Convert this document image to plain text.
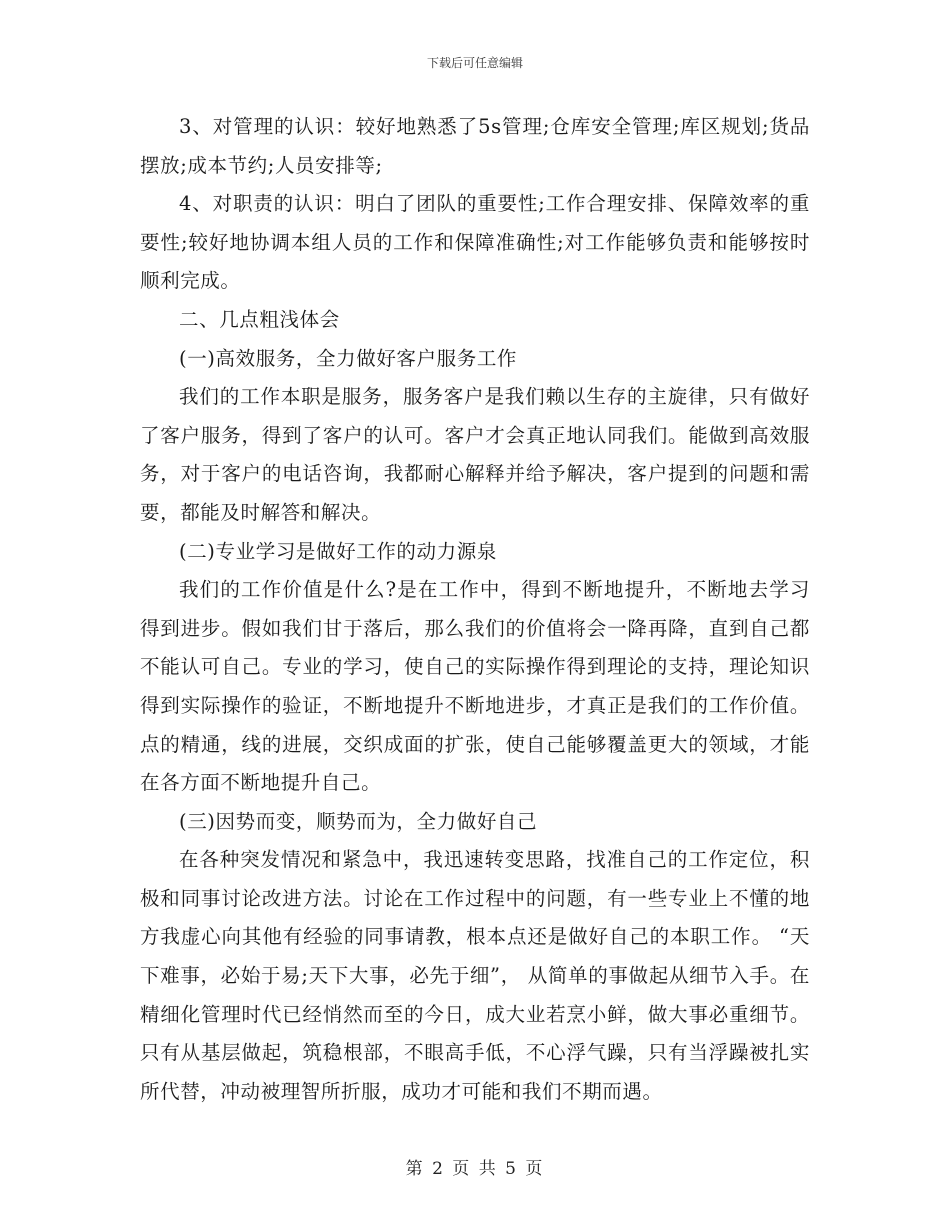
下载后可任意编辑

3、对管理的认识：较好地熟悉了5s管理;仓库安全管理;库区规划;货品摆放;成本节约;人员安排等;

4、对职责的认识：明白了团队的重要性;工作合理安排、保障效率的重要性;较好地协调本组人员的工作和保障准确性;对工作能够负责和能够按时顺利完成。

二、几点粗浅体会

(一)高效服务，全力做好客户服务工作

我们的工作本职是服务，服务客户是我们赖以生存的主旋律，只有做好了客户服务，得到了客户的认可。客户才会真正地认同我们。能做到高效服务，对于客户的电话咨询，我都耐心解释并给予解决，客户提到的问题和需要，都能及时解答和解决。

(二)专业学习是做好工作的动力源泉

我们的工作价值是什么?是在工作中，得到不断地提升，不断地去学习得到进步。假如我们甘于落后，那么我们的价值将会一降再降，直到自己都不能认可自己。专业的学习，使自己的实际操作得到理论的支持，理论知识得到实际操作的验证，不断地提升不断地进步，才真正是我们的工作价值。点的精通，线的进展，交织成面的扩张，使自己能够覆盖更大的领域，才能在各方面不断地提升自己。

(三)因势而变，顺势而为，全力做好自己

在各种突发情况和紧急中，我迅速转变思路，找准自己的工作定位，积极和同事讨论改进方法。讨论在工作过程中的问题，有一些专业上不懂的地方我虚心向其他有经验的同事请教，根本点还是做好自己的本职工作。 “天下难事，必始于易;天下大事，必先于细”， 从简单的事做起从细节入手。在精细化管理时代已经悄然而至的今日，成大业若烹小鲜，做大事必重细节。只有从基层做起，筑稳根部，不眼高手低，不心浮气躁，只有当浮躁被扎实所代替，冲动被理智所折服，成功才可能和我们不期而遇。

第 2 页 共 5 页
